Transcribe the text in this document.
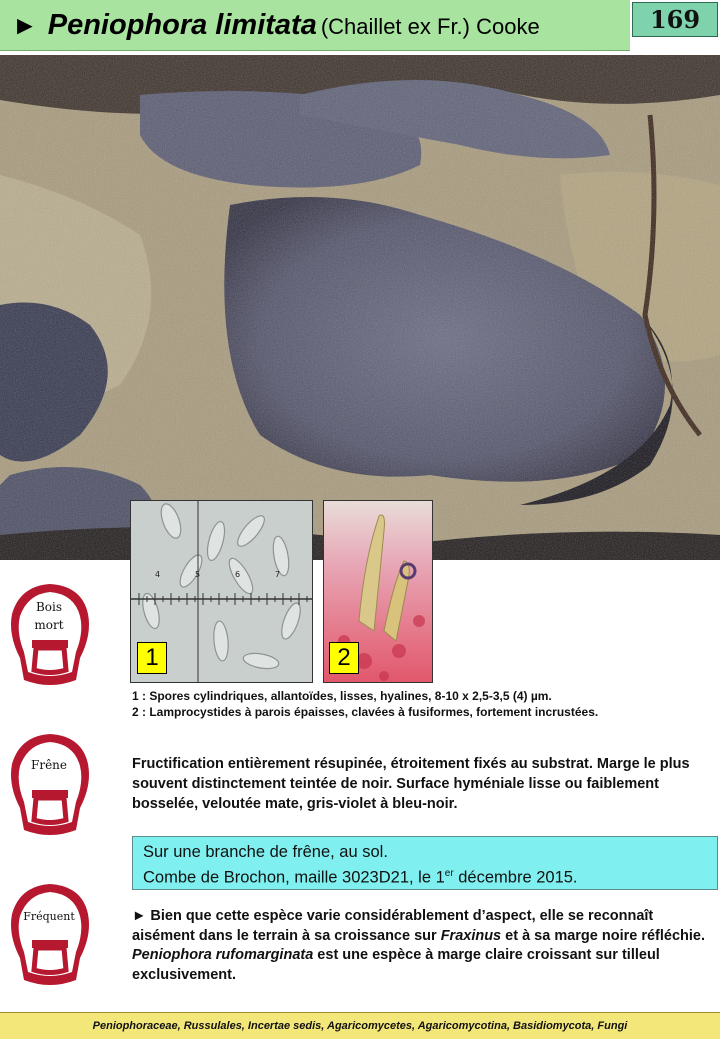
► Peniophora limitata (Chaillet ex Fr.) Cooke	169
4	5	6	7
1	2
1 : Spores cylindriques, allantoïdes, lisses, hyalines, 8-10 x 2,5-3,5 (4) µm.
2 : Lamprocystides à parois épaisses, clavées à fusiformes, fortement incrustées.
Bois
mort
Frêne
Fréquent
Fructification entièrement résupinée, étroitement fixés au substrat. Marge le plus souvent distinctement teintée de noir. Surface hyméniale lisse ou faiblement bosselée, veloutée mate, gris-violet à bleu-noir.
Sur une branche de frêne, au sol.
Combe de Brochon, maille 3023D21, le 1er décembre 2015.
► Bien que cette espèce varie considérablement d’aspect, elle se reconnaît aisément dans le terrain à sa croissance sur Fraxinus et à sa marge noire réfléchie. Peniophora rufomarginata est une espèce à marge claire croissant sur tilleul exclusivement.
Peniophoraceae, Russulales, Incertae sedis, Agaricomycetes, Agaricomycotina, Basidiomycota, Fungi
